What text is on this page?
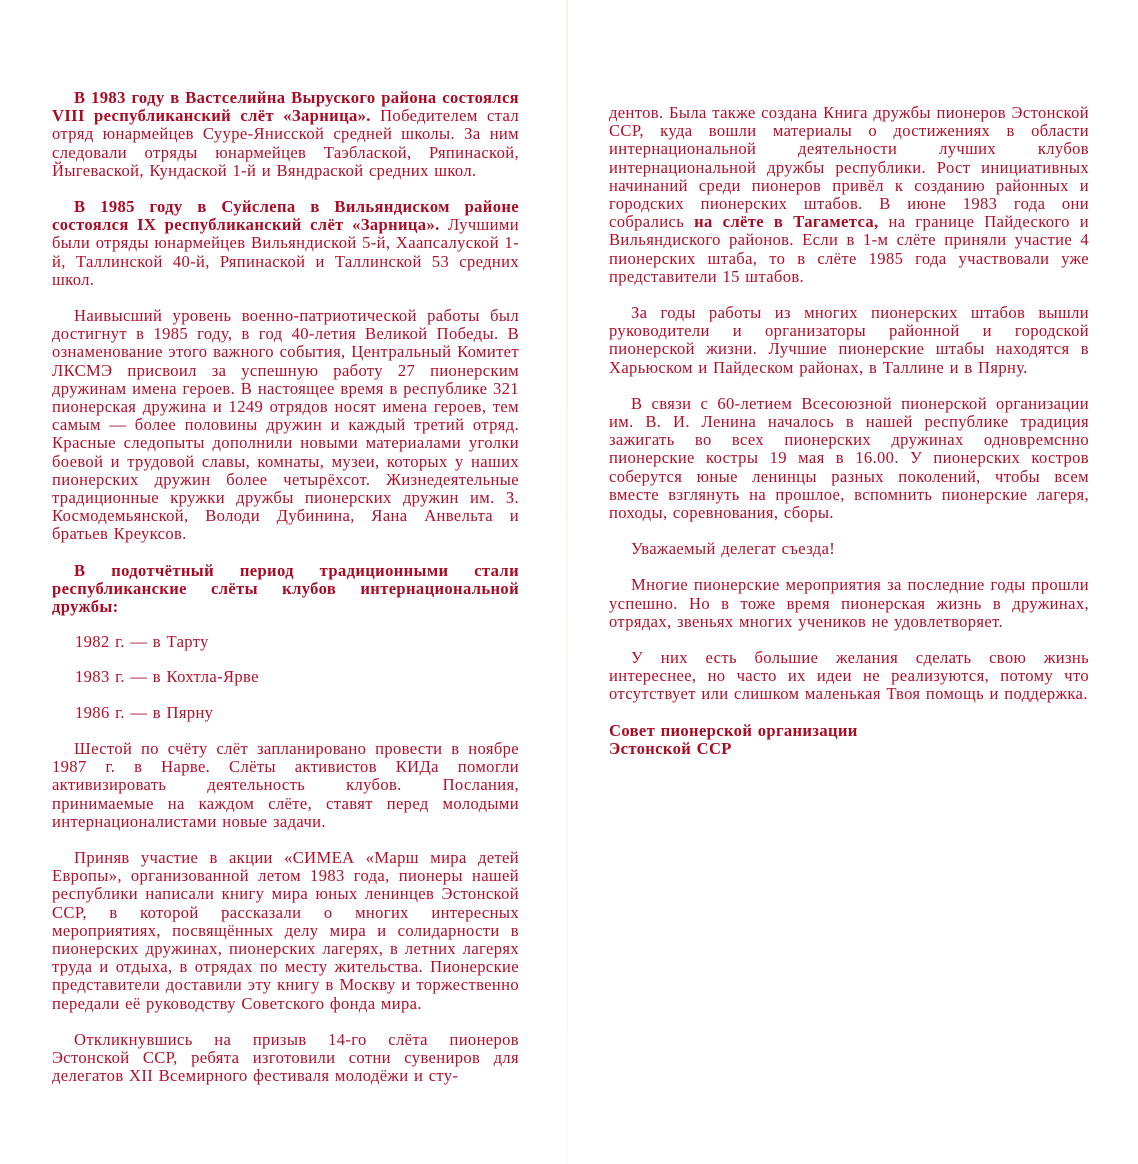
В 1983 году в Вастселийна Выруского района состоялся VIII республиканский слёт «Зарница». Победителем стал отряд юнармейцев Сууре-Янисской средней школы. За ним следовали отряды юнармейцев Таэблаской, Ряпинаской, Йыгеваской, Кундаской 1-й и Вяндраской средних школ.

В 1985 году в Суйслепа в Вильяндиском районе состоялся IX республиканский слёт «Зарница». Лучшими были отряды юнармейцев Вильяндиской 5-й, Хаапсалуской 1-й, Таллинской 40-й, Ряпинаской и Таллинской 53 средних школ.

Наивысший уровень военно-патриотической работы был достигнут в 1985 году, в год 40-летия Великой Победы. В ознаменование этого важного события, Центральный Комитет ЛКСМЭ присвоил за успешную работу 27 пионерским дружинам имена героев. В настоящее время в республике 321 пионерская дружина и 1249 отрядов носят имена героев, тем самым — более половины дружин и каждый третий отряд. Красные следопыты дополнили новыми материалами уголки боевой и трудовой славы, комнаты, музеи, которых у наших пионерских дружин более четырёхсот. Жизнедеятельные традиционные кружки дружбы пионерских дружин им. З. Космодемьянской, Володи Дубинина, Яана Анвельта и братьев Креуксов.

В подотчётный период традиционными стали республиканские слёты клубов интернациональной дружбы:

1982 г. — в Тарту

1983 г. — в Кохтла-Ярве

1986 г. — в Пярну

Шестой по счёту слёт запланировано провести в ноябре 1987 г. в Нарве. Слёты активистов КИДа помогли активизировать деятельность клубов. Послания, принимаемые на каждом слёте, ставят перед молодыми интернационалистами новые задачи.

Приняв участие в акции «СИМЕА «Марш мира детей Европы», организованной летом 1983 года, пионеры нашей республики написали книгу мира юных ленинцев Эстонской ССР, в которой рассказали о многих интересных мероприятиях, посвящённых делу мира и солидарности в пионерских дружинах, пионерских лагерях, в летних лагерях труда и отдыха, в отрядах по месту жительства. Пионерские представители доставили эту книгу в Москву и торжественно передали её руководству Советского фонда мира.

Откликнувшись на призыв 14-го слёта пионеров Эстонской ССР, ребята изготовили сотни сувениров для делегатов XII Всемирного фестиваля молодёжи и сту-

дентов. Была также создана Книга дружбы пионеров Эстонской ССР, куда вошли материалы о достижениях в области интернациональной деятельности лучших клубов интернациональной дружбы республики. Рост инициативных начинаний среди пионеров привёл к созданию районных и городских пионерских штабов. В июне 1983 года они собрались на слёте в Тагаметса, на границе Пайдеского и Вильяндиского районов. Если в 1-м слёте приняли участие 4 пионерских штаба, то в слёте 1985 года участвовали уже представители 15 штабов.

За годы работы из многих пионерских штабов вышли руководители и организаторы районной и городской пионерской жизни. Лучшие пионерские штабы находятся в Харьюском и Пайдеском районах, в Таллине и в Пярну.

В связи с 60-летием Всесоюзной пионерской организации им. В. И. Ленина началось в нашей республике традиция зажигать во всех пионерских дружинах одновремснно пионерские костры 19 мая в 16.00. У пионерских костров соберутся юные ленинцы разных поколений, чтобы всем вместе взглянуть на прошлое, вспомнить пионерские лагеря, походы, соревнования, сборы.

Уважаемый делегат съезда!

Многие пионерские мероприятия за последние годы прошли успешно. Но в тоже время пионерская жизнь в дружинах, отрядах, звеньях многих учеников не удовлетворяет.

У них есть большие желания сделать свою жизнь интереснее, но часто их идеи не реализуются, потому что отсутствует или слишком маленькая Твоя помощь и поддержка.

Совет пионерской организации

Эстонской ССР
